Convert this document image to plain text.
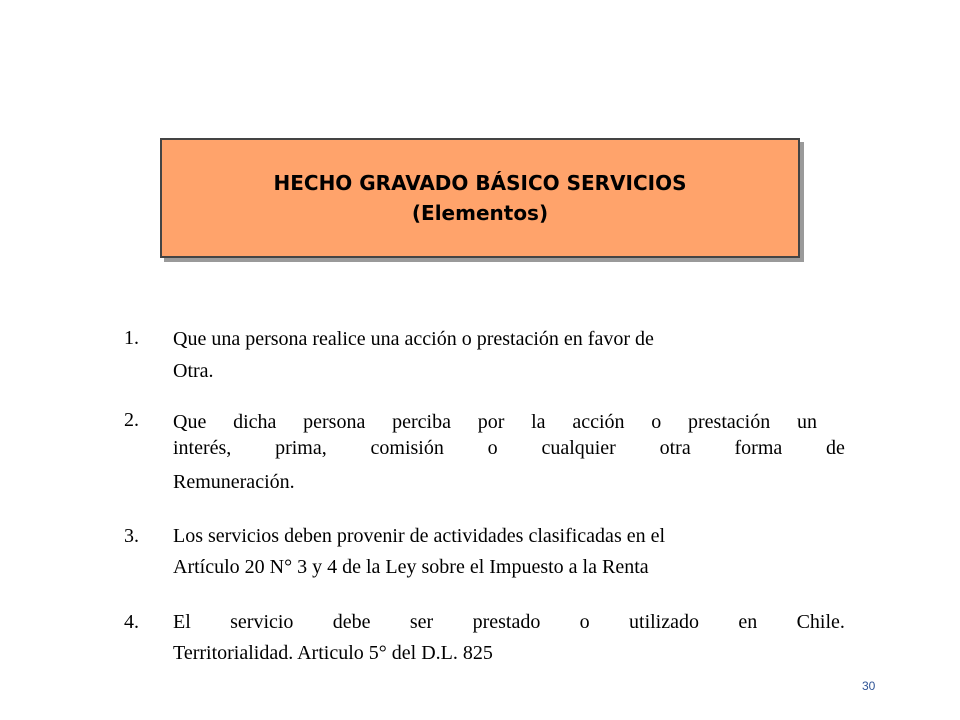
HECHO GRAVADO BÁSICO SERVICIOS
(Elementos)
1. Que una persona realice una acción o prestación en favor de
Otra.
2. Que dicha persona perciba por la acción o prestación un
interés, prima, comisión o cualquier otra forma de
Remuneración.
3. Los servicios deben provenir de actividades clasificadas en el
Artículo 20 N° 3 y 4 de la Ley sobre el Impuesto a la Renta
4. El servicio debe ser prestado o utilizado en Chile.
Territorialidad. Articulo 5° del D.L. 825
30
